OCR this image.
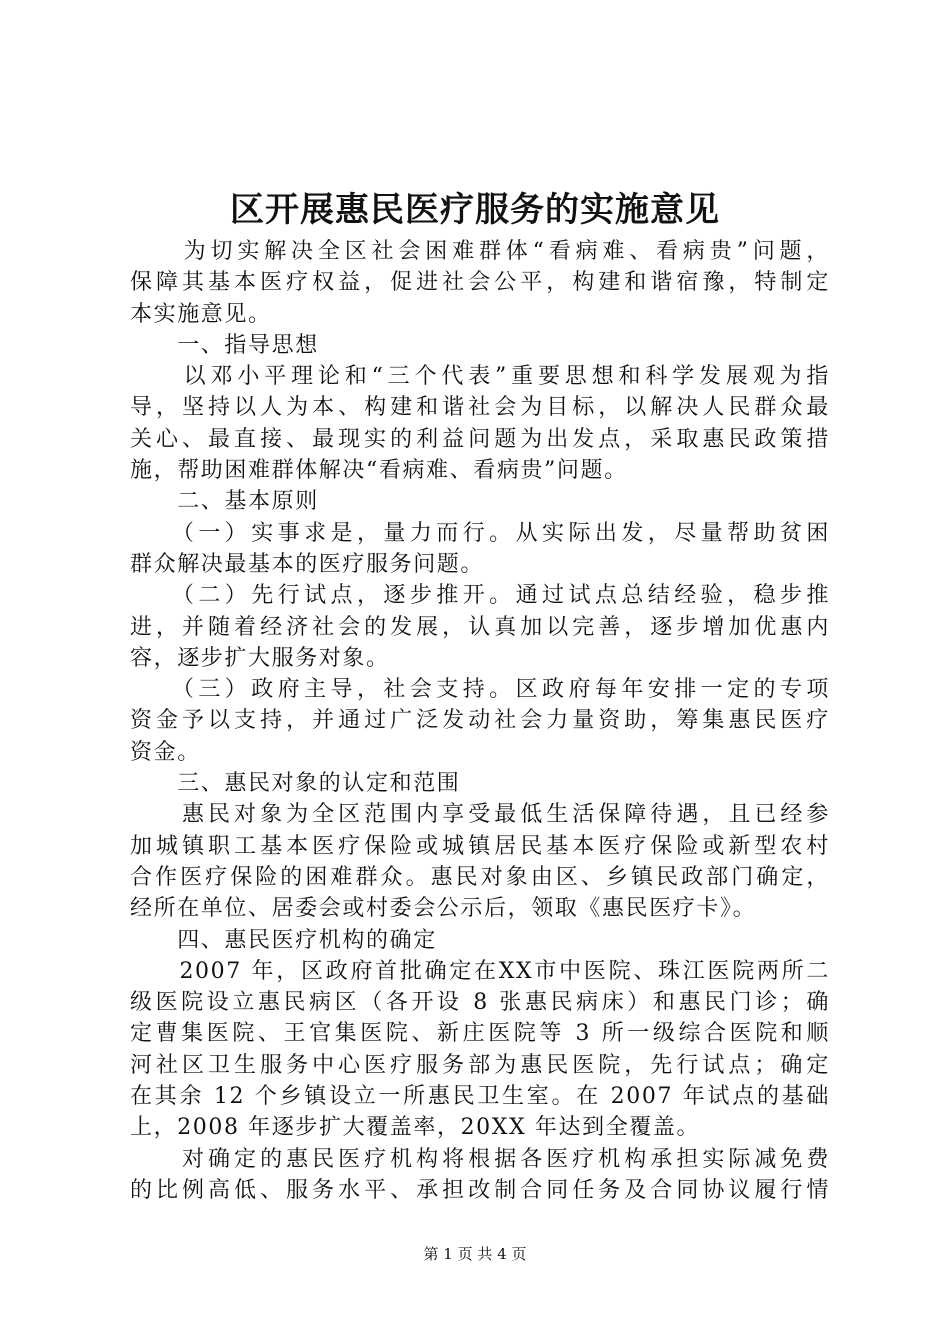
区开展惠民医疗服务的实施意见
　　为切实解决全区社会困难群体“看病难、看病贵”问题，
保障其基本医疗权益，促进社会公平，构建和谐宿豫，特制定
本实施意见。
　　一、指导思想
　　以邓小平理论和“三个代表”重要思想和科学发展观为指
导，坚持以人为本、构建和谐社会为目标，以解决人民群众最
关心、最直接、最现实的利益问题为出发点，采取惠民政策措
施，帮助困难群体解决“看病难、看病贵”问题。
　　二、基本原则
　　（一）实事求是，量力而行。从实际出发，尽量帮助贫困
群众解决最基本的医疗服务问题。
　　（二）先行试点，逐步推开。通过试点总结经验，稳步推
进，并随着经济社会的发展，认真加以完善，逐步增加优惠内
容，逐步扩大服务对象。
　　（三）政府主导，社会支持。区政府每年安排一定的专项
资金予以支持，并通过广泛发动社会力量资助，筹集惠民医疗
资金。
　　三、惠民对象的认定和范围
　　惠民对象为全区范围内享受最低生活保障待遇，且已经参
加城镇职工基本医疗保险或城镇居民基本医疗保险或新型农村
合作医疗保险的困难群众。惠民对象由区、乡镇民政部门确定，
经所在单位、居委会或村委会公示后，领取《惠民医疗卡》。
　　四、惠民医疗机构的确定
　　2007 年，区政府首批确定在XX市中医院、珠江医院两所二
级医院设立惠民病区（各开设 8 张惠民病床）和惠民门诊；确
定曹集医院、王官集医院、新庄医院等 3 所一级综合医院和顺
河社区卫生服务中心医疗服务部为惠民医院，先行试点；确定
在其余 12 个乡镇设立一所惠民卫生室。在 2007 年试点的基础
上，2008 年逐步扩大覆盖率，20XX 年达到全覆盖。
　　对确定的惠民医疗机构将根据各医疗机构承担实际减免费
的比例高低、服务水平、承担改制合同任务及合同协议履行情
第 1 页 共 4 页
